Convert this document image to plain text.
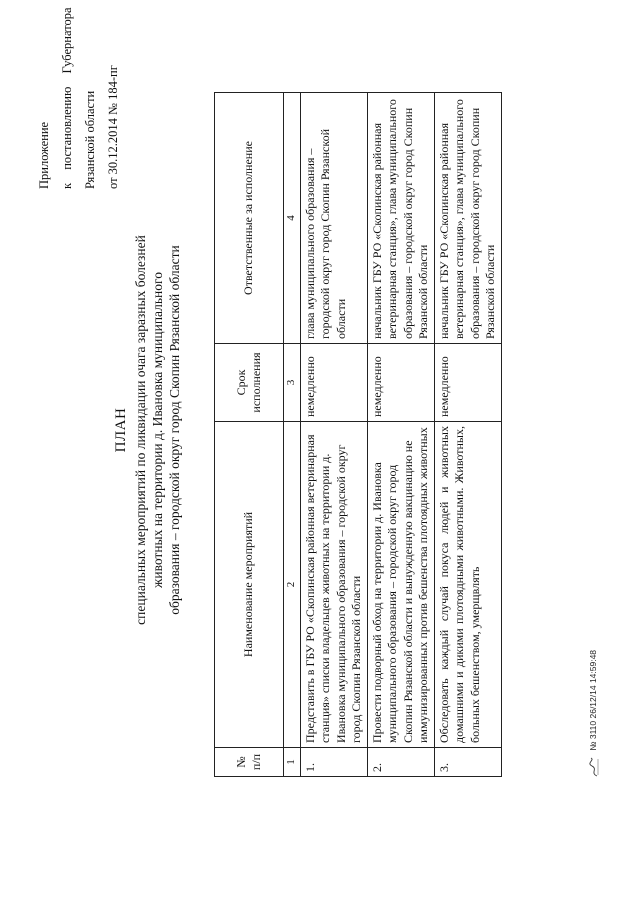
Приложение к постановлению Губернатора Рязанской области от 30.12.2014 № 184-пг
ПЛАН специальных мероприятий по ликвидации очага заразных болезней животных на территории д. Ивановка муниципального образования – городской округ город Скопин Рязанской области
№ п/п	Наименование мероприятий	Срок исполнения	Ответственные за исполнение
1	2	3	4
1.	Представить в ГБУ РО «Скопинская районная ветеринарная станция» списки владельцев животных на территории д. Ивановка муниципального образования – городской округ город Скопин Рязанской области	немедленно	глава муниципального образования – городской округ город Скопин Рязанской области
2.	Провести подворный обход на территории д. Ивановка муниципального образования – городской округ город Скопин Рязанской области и вынужденную вакцинацию не иммунизированных против бешенства плотоядных животных	немедленно	начальник ГБУ РО «Скопинская районная ветеринарная станция», глава муниципального образования – городской округ город Скопин Рязанской области
3.	Обследовать каждый случай покуса людей и животных домашними и дикими плотоядными животными. Животных, больных бешенством, умерщвлять	немедленно	начальник ГБУ РО «Скопинская районная ветеринарная станция», глава муниципального образования – городской округ город Скопин Рязанской области
№ 3110 26/12/14 14:59:48
